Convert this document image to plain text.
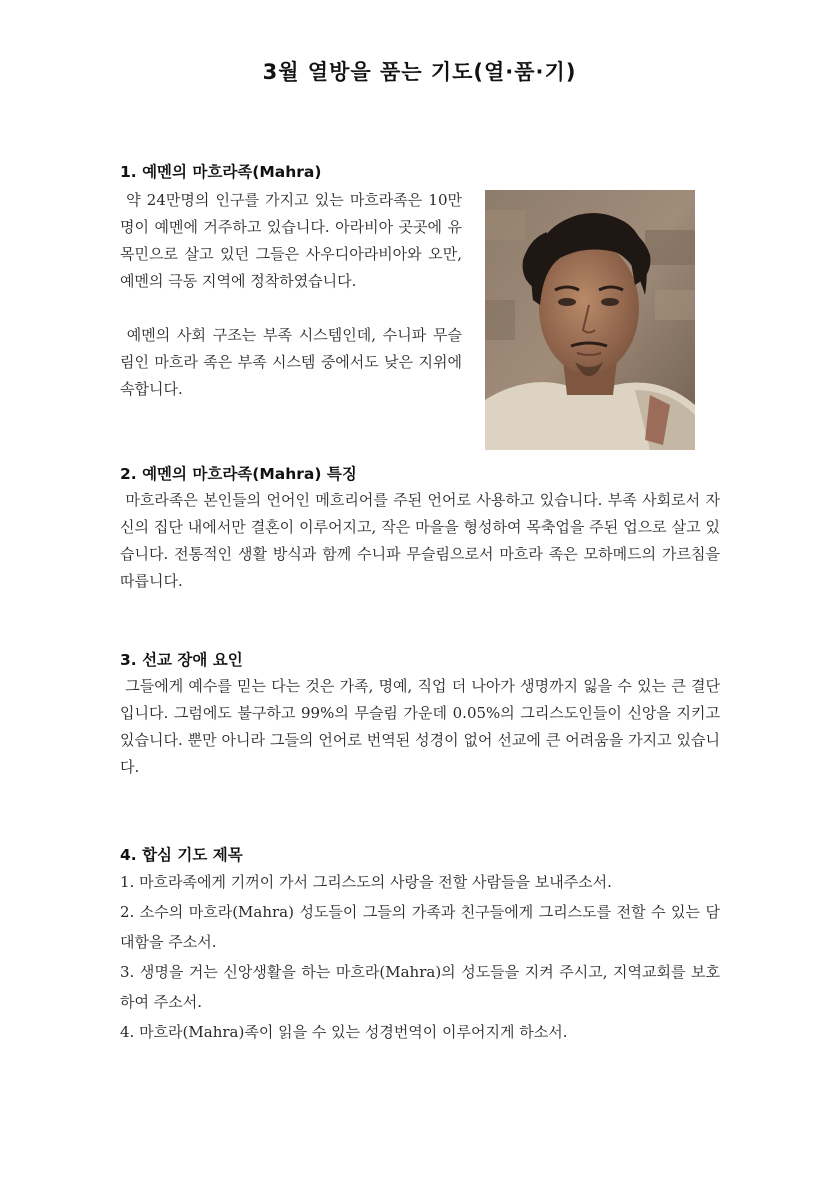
3월 열방을 품는 기도(열·품·기)
1. 예멘의 마흐라족(Mahra)

약 24만명의 인구를 가지고 있는 마흐라족은 10만명이 예멘에 거주하고 있습니다. 아라비아 곳곳에 유목민으로 살고 있던 그들은 사우디아라비아와 오만, 예멘의 극동 지역에 정착하였습니다.

예멘의 사회 구조는 부족 시스템인데, 수니파 무슬림인 마흐라 족은 부족 시스템 중에서도 낮은 지위에 속합니다.

2. 예멘의 마흐라족(Mahra) 특징

마흐라족은 본인들의 언어인 메흐리어를 주된 언어로 사용하고 있습니다. 부족 사회로서 자신의 집단 내에서만 결혼이 이루어지고, 작은 마을을 형성하여 목축업을 주된 업으로 살고 있습니다. 전통적인 생활 방식과 함께 수니파 무슬림으로서 마흐라 족은 모하메드의 가르침을 따릅니다.

3. 선교 장애 요인

그들에게 예수를 믿는 다는 것은 가족, 명예, 직업 더 나아가 생명까지 잃을 수 있는 큰 결단입니다. 그럼에도 불구하고 99%의 무슬림 가운데 0.05%의 그리스도인들이 신앙을 지키고 있습니다. 뿐만 아니라 그들의 언어로 번역된 성경이 없어 선교에 큰 어려움을 가지고 있습니다.

4. 합심 기도 제목
1. 마흐라족에게 기꺼이 가서 그리스도의 사랑을 전할 사람들을 보내주소서.
2. 소수의 마흐라(Mahra) 성도들이 그들의 가족과 친구들에게 그리스도를 전할 수 있는 담대함을 주소서.
3. 생명을 거는 신앙생활을 하는 마흐라(Mahra)의 성도들을 지켜 주시고, 지역교회를 보호하여 주소서.
4. 마흐라(Mahra)족이 읽을 수 있는 성경번역이 이루어지게 하소서.
